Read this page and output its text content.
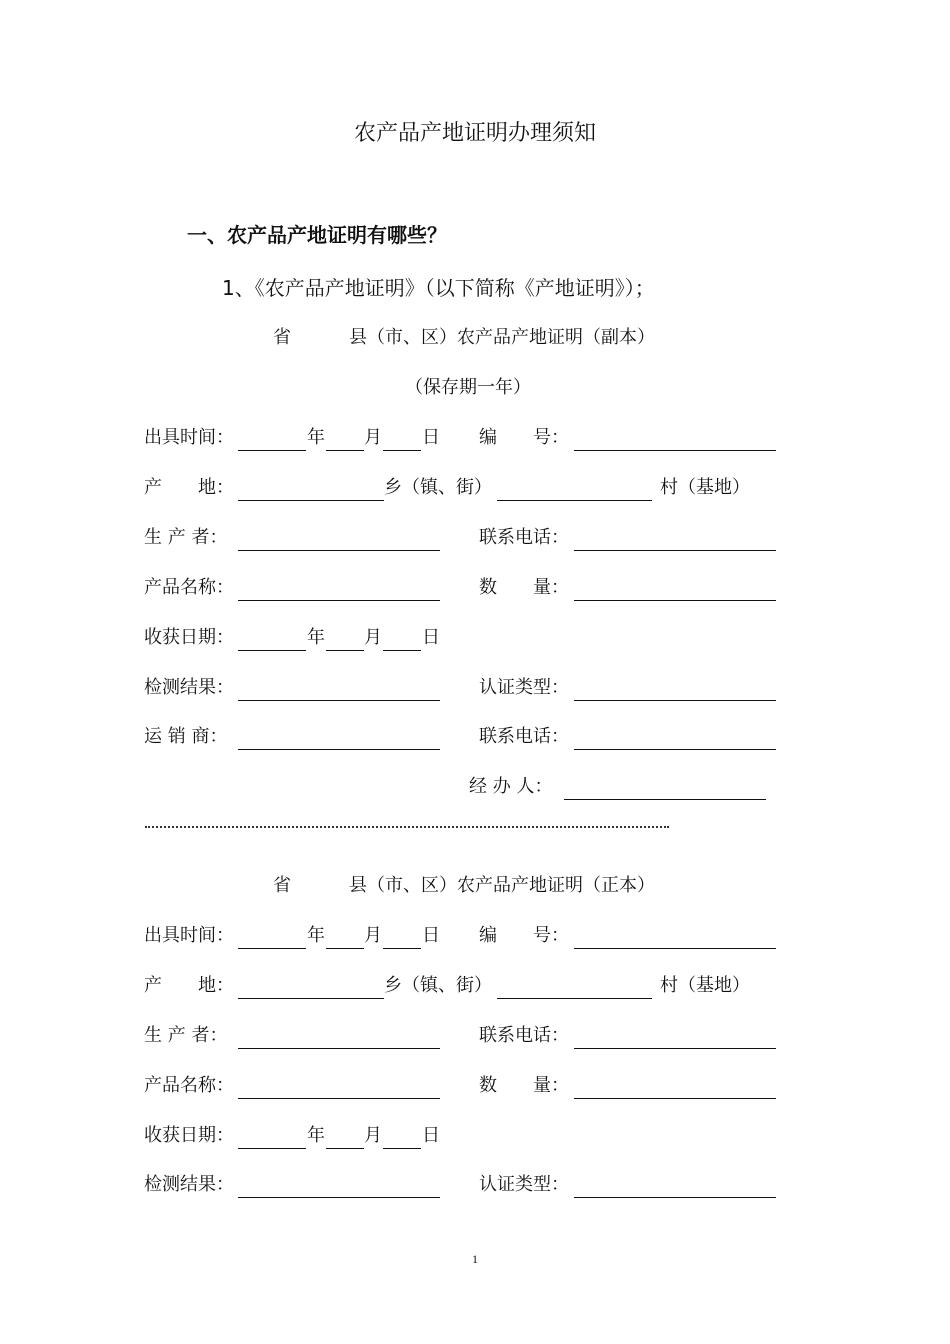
农产品产地证明办理须知
一、农产品产地证明有哪些？
1、《农产品产地证明》（以下简称《产地证明》）；
省	县（市、区）农产品产地证明（副本）
（保存期一年）
出具时间：	年 月 日 编　　号：
产　　地：	乡（镇、街）	村（基地）
生 产 者：	联系电话：
产品名称：	数　　量：
收获日期：	年 月 日
检测结果：	认证类型：
运 销 商：	联系电话：
经 办 人：
省	县（市、区）农产品产地证明（正本）
出具时间：	年 月 日 编　　号：
产　　地：	乡（镇、街）	村（基地）
生 产 者：	联系电话：
产品名称：	数　　量：
收获日期：	年 月 日
检测结果：	认证类型：
1
